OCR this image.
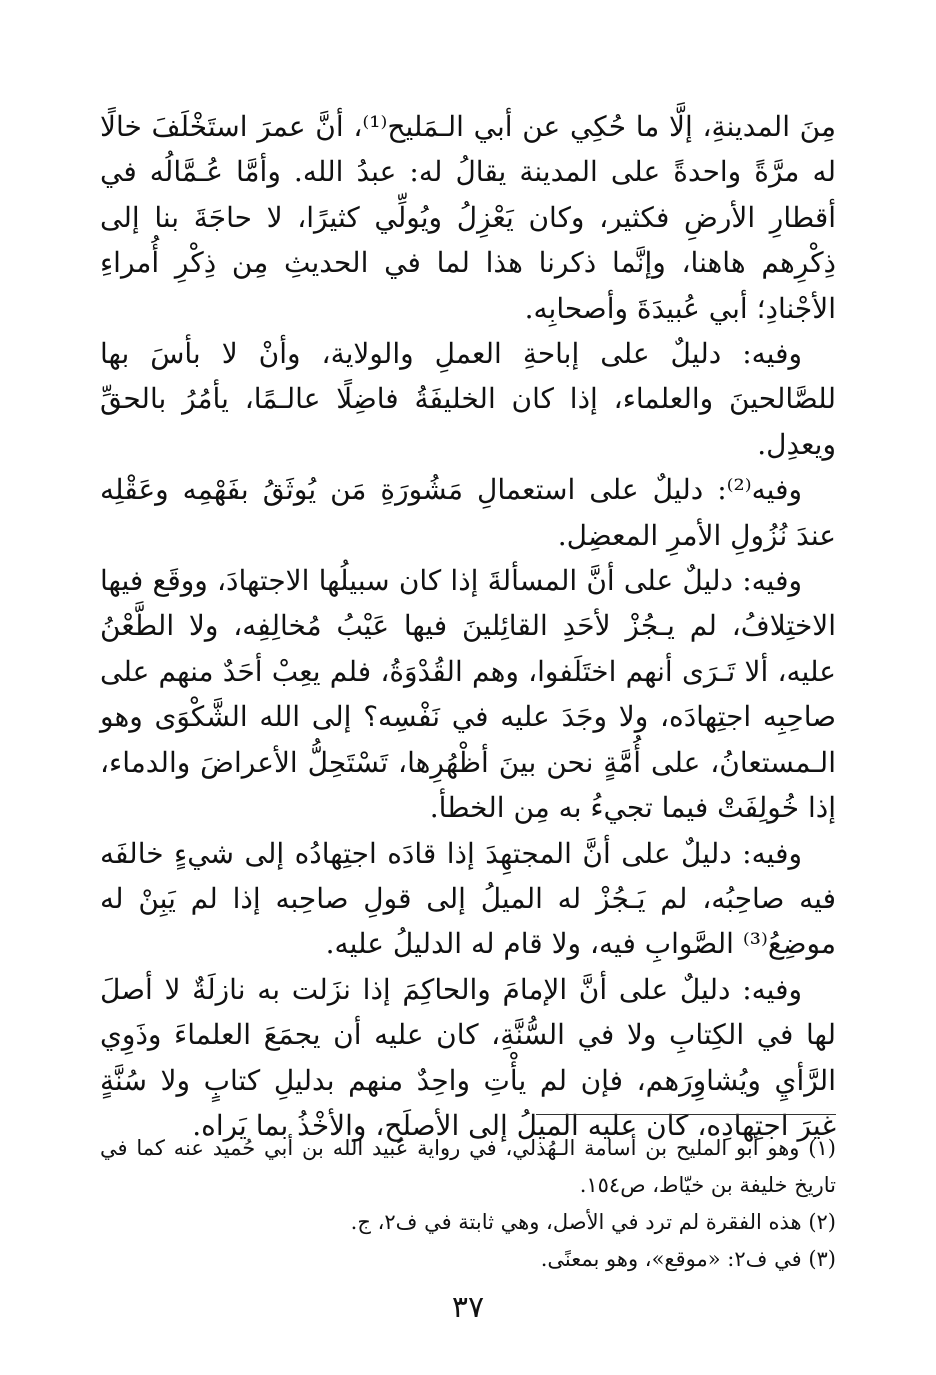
مِنَ المدينةِ، إلَّا ما حُكِي عن أبي الـمَليح⁽¹⁾، أنَّ عمرَ استَخْلَفَ خالًا له مرَّةً واحدةً على المدينة يقالُ له: عبدُ الله. وأمَّا عُـمَّالُه في أقطارِ الأرضِ فكثير، وكان يَعْزِلُ ويُولِّي كثيرًا، لا حاجَةَ بنا إلى ذِكْرِهم هاهنا، وإنَّما ذكرنا هذا لما في الحديثِ مِن ذِكْرِ أُمراءِ الأجْنادِ؛ أبي عُبيدَةَ وأصحابِه.

وفيه: دليلٌ على إباحةِ العملِ والولاية، وأنْ لا بأسَ بها للصَّالحينَ والعلماء، إذا كان الخليفَةُ فاضِلًا عالـمًا، يأمُرُ بالحقِّ ويعدِل.

وفيه⁽²⁾: دليلٌ على استعمالِ مَشُورَةِ مَن يُوثَقُ بفَهْمِه وعَقْلِه عندَ نُزُولِ الأمرِ المعضِل.

وفيه: دليلٌ على أنَّ المسألةَ إذا كان سبيلُها الاجتهادَ، ووقَع فيها الاختِلافُ، لم يـجُزْ لأحَدِ القائِلينَ فيها عَيْبُ مُخالِفِه، ولا الطَّعْنُ عليه، ألا تَـرَى أنهم اختَلَفوا، وهم القُدْوَةُ، فلم يعِبْ أحَدٌ منهم على صاحِبِه اجتِهادَه، ولا وجَدَ عليه في نَفْسِه؟ إلى الله الشَّكْوَى وهو الـمستعانُ، على أُمَّةٍ نحن بينَ أظْهُرِها، تَسْتَحِلُّ الأعراضَ والدماء، إذا خُولِفَتْ فيما تجيءُ به مِن الخطأ.

وفيه: دليلٌ على أنَّ المجتهِدَ إذا قادَه اجتِهادُه إلى شيءٍ خالفَه فيه صاحِبُه، لم يَـجُزْ له الميلُ إلى قولِ صاحِبه إذا لم يَبِنْ له موضِعُ⁽³⁾ الصَّوابِ فيه، ولا قام له الدليلُ عليه.

وفيه: دليلٌ على أنَّ الإمامَ والحاكِمَ إذا نزَلت به نازلَةٌ لا أصلَ لها في الكِتابِ ولا في السُّنَّةِ، كان عليه أن يجمَعَ العلماءَ وذَوِي الرَّأيِ ويُشاوِرَهم، فإن لم يأْتِ واحِدٌ منهم بدليلِ كتابٍ ولا سُنَّةٍ غيرَ اجتِهادِه، كان عليه الميلُ إلى الأصلَح، والأخْذُ بما يَراه.

(١) وهو أبو المليح بن أسامة الـهُذلي، في رواية عُبيد الله بن أبي حُميد عنه كما في تاريخ خليفة بن خيّاط، ص١٥٤.

(٢) هذه الفقرة لم ترد في الأصل، وهي ثابتة في ف٢، ج.

(٣) في ف٢: «موقع»، وهو بمعنًى.

٣٧
